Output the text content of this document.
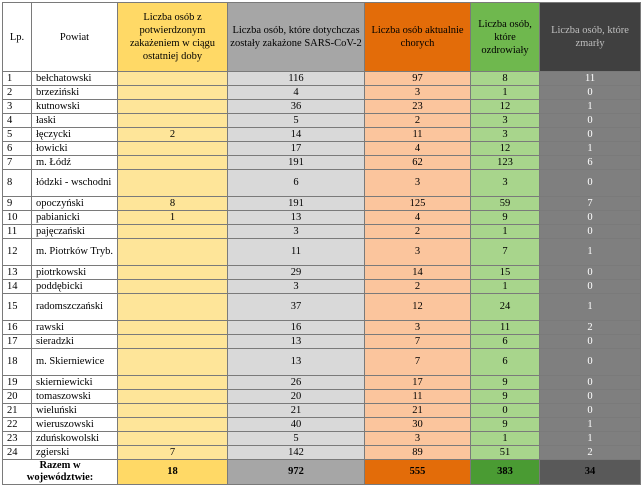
Lp.	Powiat	Liczba osób z potwierdzonym zakażeniem w ciągu ostatniej doby	Liczba osób, które dotychczas zostały zakażone SARS-CoV-2	Liczba osób aktualnie chorych	Liczba osób, które ozdrowiały	Liczba osób, które zmarły
1	bełchatowski		116	97	8	11
2	brzeziński		4	3	1	0
3	kutnowski		36	23	12	1
4	łaski		5	2	3	0
5	łęczycki	2	14	11	3	0
6	łowicki		17	4	12	1
7	m. Łódź		191	62	123	6
8	łódzki - wschodni		6	3	3	0
9	opoczyński	8	191	125	59	7
10	pabianicki	1	13	4	9	0
11	pajęczański		3	2	1	0
12	m. Piotrków Tryb.		11	3	7	1
13	piotrkowski		29	14	15	0
14	poddębicki		3	2	1	0
15	radomszczański		37	12	24	1
16	rawski		16	3	11	2
17	sieradzki		13	7	6	0
18	m. Skierniewice		13	7	6	0
19	skierniewicki		26	17	9	0
20	tomaszowski		20	11	9	0
21	wieluński		21	21	0	0
22	wieruszowski		40	30	9	1
23	zduńskowolski		5	3	1	1
24	zgierski	7	142	89	51	2
Razem w województwie:		18	972	555	383	34
